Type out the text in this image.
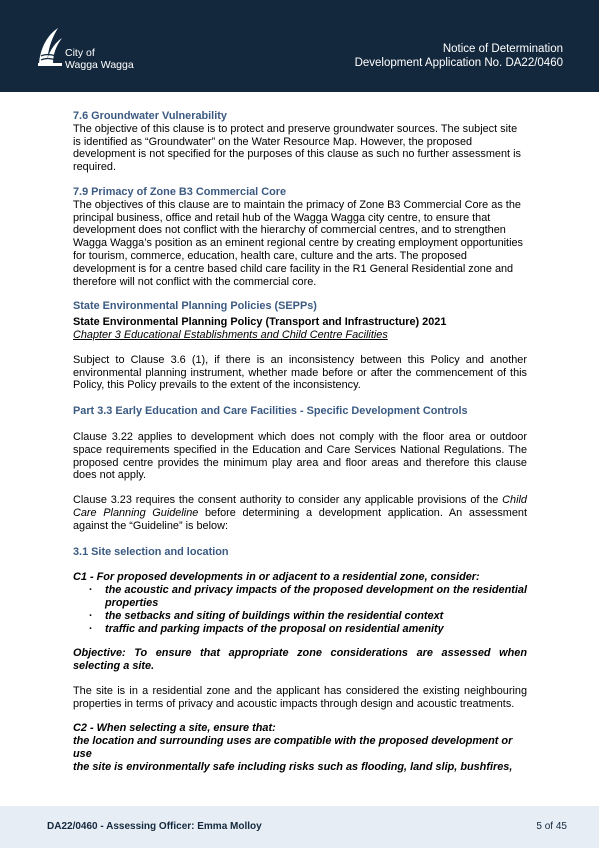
City of
Wagga Wagga
Notice of Determination
Development Application No. DA22/0460
7.6 Groundwater Vulnerability

The objective of this clause is to protect and preserve groundwater sources. The subject site is identified as “Groundwater” on the Water Resource Map. However, the proposed development is not specified for the purposes of this clause as such no further assessment is required.

7.9 Primacy of Zone B3 Commercial Core

The objectives of this clause are to maintain the primacy of Zone B3 Commercial Core as the principal business, office and retail hub of the Wagga Wagga city centre, to ensure that development does not conflict with the hierarchy of commercial centres, and to strengthen Wagga Wagga’s position as an eminent regional centre by creating employment opportunities for tourism, commerce, education, health care, culture and the arts. The proposed development is for a centre based child care facility in the R1 General Residential zone and therefore will not conflict with the commercial core.

State Environmental Planning Policies (SEPPs)

State Environmental Planning Policy (Transport and Infrastructure) 2021

Chapter 3 Educational Establishments and Child Centre Facilities

Subject to Clause 3.6 (1), if there is an inconsistency between this Policy and another environmental planning instrument, whether made before or after the commencement of this Policy, this Policy prevails to the extent of the inconsistency.

Part 3.3 Early Education and Care Facilities - Specific Development Controls

Clause 3.22 applies to development which does not comply with the floor area or outdoor space requirements specified in the Education and Care Services National Regulations. The proposed centre provides the minimum play area and floor areas and therefore this clause does not apply.

Clause 3.23 requires the consent authority to consider any applicable provisions of the Child Care Planning Guideline before determining a development application. An assessment against the “Guideline” is below:

3.1 Site selection and location

C1 - For proposed developments in or adjacent to a residential zone, consider:

· the acoustic and privacy impacts of the proposed development on the residential properties
· the setbacks and siting of buildings within the residential context
· traffic and parking impacts of the proposal on residential amenity

Objective: To ensure that appropriate zone considerations are assessed when selecting a site.

The site is in a residential zone and the applicant has considered the existing neighbouring properties in terms of privacy and acoustic impacts through design and acoustic treatments.

C2 - When selecting a site, ensure that:

the location and surrounding uses are compatible with the proposed development or use

the site is environmentally safe including risks such as flooding, land slip, bushfires,

DA22/0460 - Assessing Officer: Emma Molloy	5 of 45
